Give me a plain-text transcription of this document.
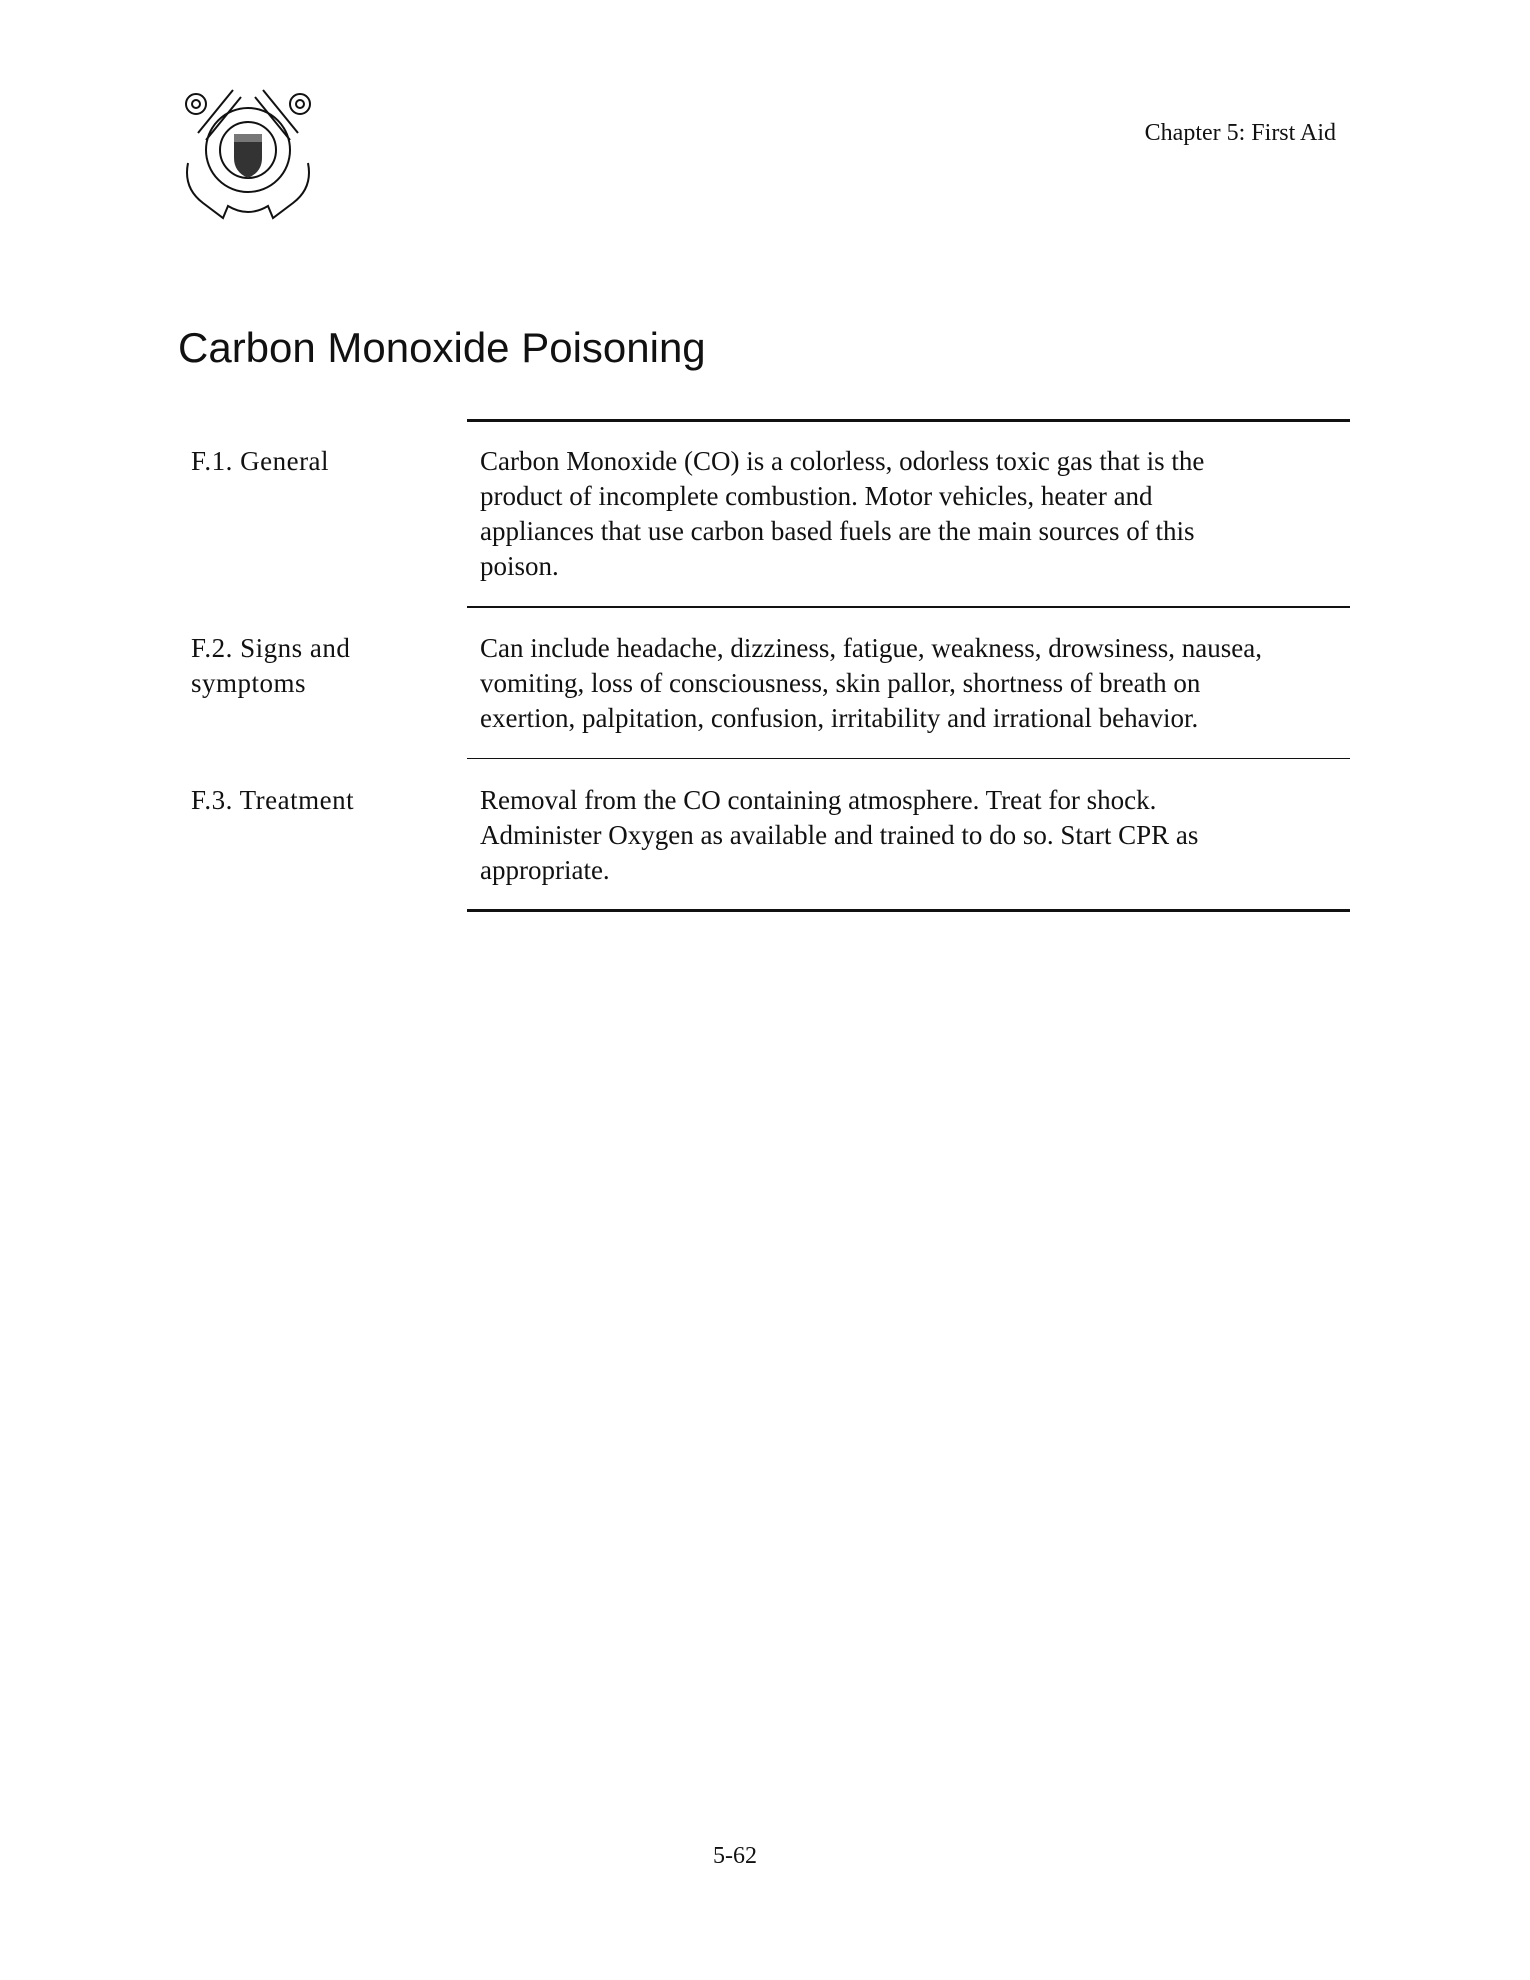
Chapter 5: First Aid
Carbon Monoxide Poisoning
F.1. General	Carbon Monoxide (CO) is a colorless, odorless toxic gas that is the
product of incomplete combustion. Motor vehicles, heater and
appliances that use carbon based fuels are the main sources of this
poison.
F.2. Signs and
symptoms
Can include headache, dizziness, fatigue, weakness, drowsiness, nausea,
vomiting, loss of consciousness, skin pallor, shortness of breath on
exertion, palpitation, confusion, irritability and irrational behavior.
F.3. Treatment	Removal from the CO containing atmosphere. Treat for shock.
Administer Oxygen as available and trained to do so. Start CPR as
appropriate.
5-62
